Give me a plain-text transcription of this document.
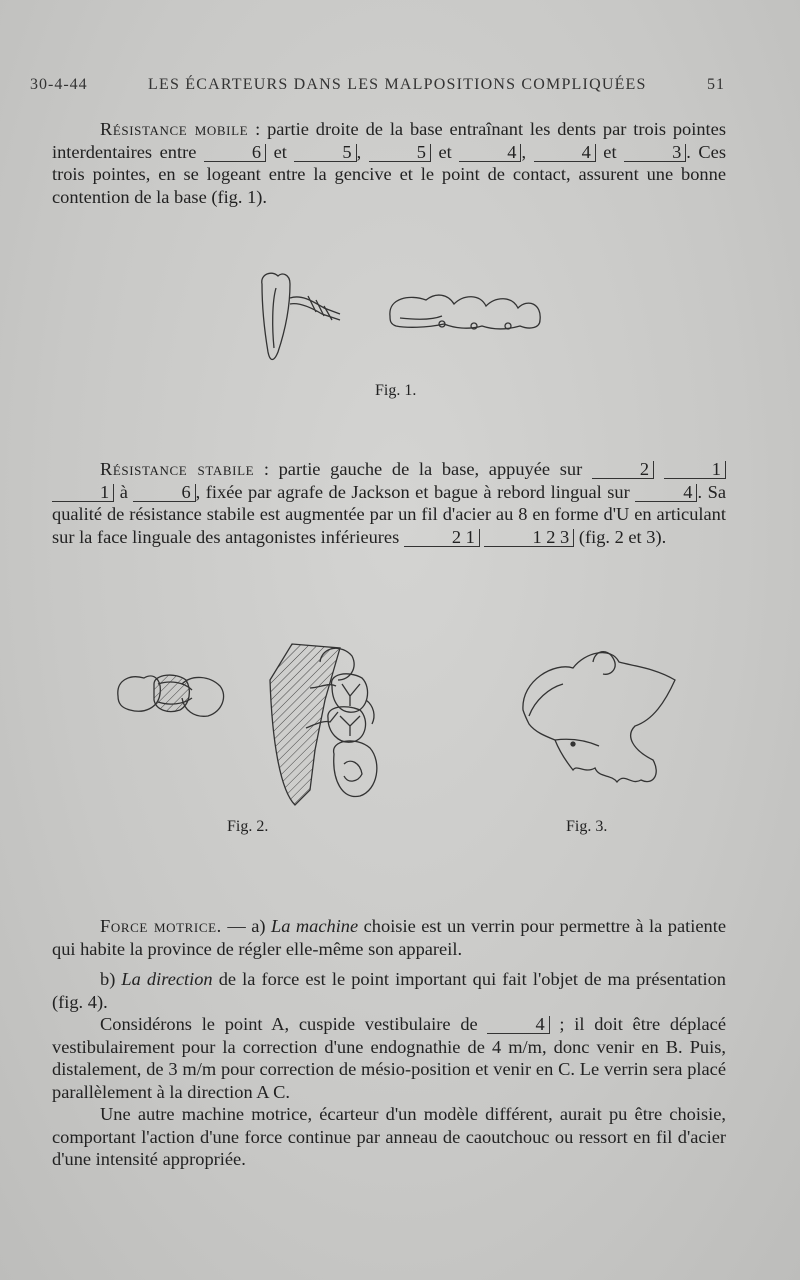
30-4-44	LES ÉCARTEURS DANS LES MALPOSITIONS COMPLIQUÉES	51
Résistance mobile : partie droite de la base entraînant les dents par trois pointes interdentaires entre	6 et	5 ,	5 et	4 ,	4 et	3 . Ces trois pointes, en se logeant entre la gencive et le point de contact, assurent une bonne contention de la base (fig. 1).
Fig. 1.
Résistance stabile : partie gauche de la base, appuyée sur	2	1 1 à	6 , fixée par agrafe de Jackson et bague à rebord lingual sur	4 . Sa qualité de résistance stabile est augmentée par un fil d'acier au 8 en forme d'U en articulant sur la face linguale des antagonistes inférieures	2 1	1 2 3 (fig. 2 et 3).
Fig. 2.	Fig. 3.
Force motrice. — a) La machine choisie est un verrin pour permettre à la patiente qui habite la province de régler elle-même son appareil.
b) La direction de la force est le point important qui fait l'objet de ma présentation (fig. 4).
Considérons le point A, cuspide vestibulaire de	4 ; il doit être déplacé vestibulairement pour la correction d'une endognathie de 4 m/m, donc venir en B. Puis, distalement, de 3 m/m pour correction de mésio-position et venir en C. Le verrin sera placé parallèlement à la direction A C.
Une autre machine motrice, écarteur d'un modèle différent, aurait pu être choisie, comportant l'action d'une force continue par anneau de caoutchouc ou ressort en fil d'acier d'une intensité appropriée.
